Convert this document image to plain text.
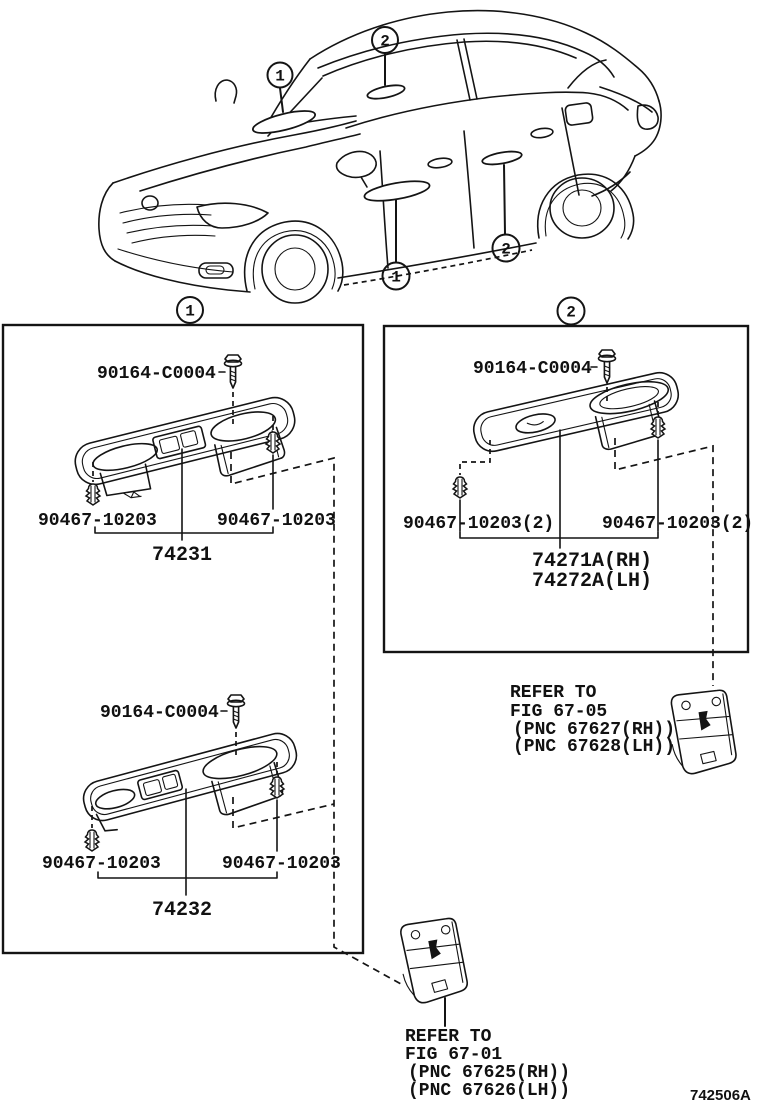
1
2
1
2
1	2
90164-C0004
90467-10203	90467-10203
74231
90164-C0004
90467-10203	90467-10203
74232
90164-C0004
90467-10203(2)	90467-10203(2)
74271A(RH)
74272A(LH)
REFER TO
FIG 67-05
(PNC 67627(RH))
(PNC 67628(LH))
REFER TO
FIG 67-01
(PNC 67625(RH))
(PNC 67626(LH))	742506A
